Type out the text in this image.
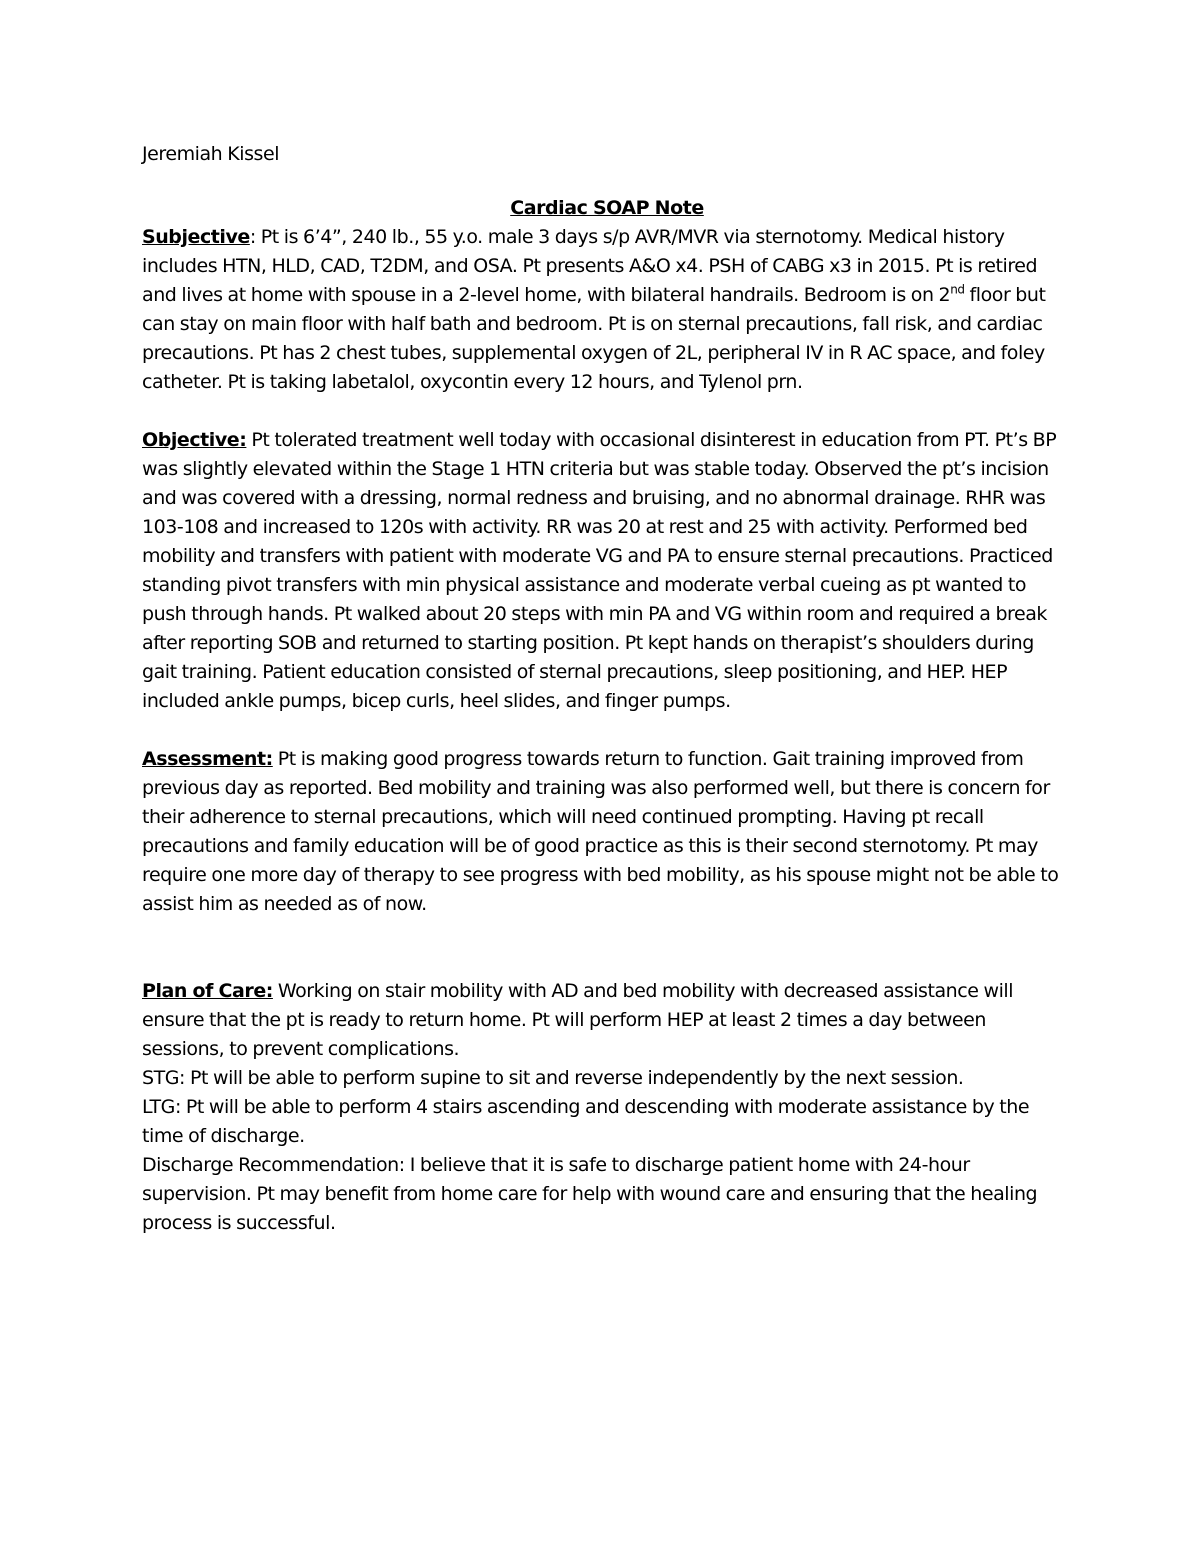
Jeremiah Kissel

Cardiac SOAP Note

Subjective: Pt is 6’4”, 240 lb., 55 y.o. male 3 days s/p AVR/MVR via sternotomy. Medical history includes HTN, HLD, CAD, T2DM, and OSA. Pt presents A&O x4. PSH of CABG x3 in 2015. Pt is retired and lives at home with spouse in a 2-level home, with bilateral handrails. Bedroom is on 2nd floor but can stay on main floor with half bath and bedroom. Pt is on sternal precautions, fall risk, and cardiac precautions. Pt has 2 chest tubes, supplemental oxygen of 2L, peripheral IV in R AC space, and foley catheter. Pt is taking labetalol, oxycontin every 12 hours, and Tylenol prn.

Objective: Pt tolerated treatment well today with occasional disinterest in education from PT. Pt’s BP was slightly elevated within the Stage 1 HTN criteria but was stable today. Observed the pt’s incision and was covered with a dressing, normal redness and bruising, and no abnormal drainage. RHR was 103-108 and increased to 120s with activity. RR was 20 at rest and 25 with activity. Performed bed mobility and transfers with patient with moderate VG and PA to ensure sternal precautions. Practiced standing pivot transfers with min physical assistance and moderate verbal cueing as pt wanted to push through hands. Pt walked about 20 steps with min PA and VG within room and required a break after reporting SOB and returned to starting position. Pt kept hands on therapist’s shoulders during gait training. Patient education consisted of sternal precautions, sleep positioning, and HEP. HEP included ankle pumps, bicep curls, heel slides, and finger pumps.

Assessment: Pt is making good progress towards return to function. Gait training improved from previous day as reported. Bed mobility and training was also performed well, but there is concern for their adherence to sternal precautions, which will need continued prompting. Having pt recall precautions and family education will be of good practice as this is their second sternotomy. Pt may require one more day of therapy to see progress with bed mobility, as his spouse might not be able to assist him as needed as of now.

Plan of Care: Working on stair mobility with AD and bed mobility with decreased assistance will ensure that the pt is ready to return home. Pt will perform HEP at least 2 times a day between sessions, to prevent complications.

STG: Pt will be able to perform supine to sit and reverse independently by the next session.

LTG: Pt will be able to perform 4 stairs ascending and descending with moderate assistance by the time of discharge.

Discharge Recommendation: I believe that it is safe to discharge patient home with 24-hour supervision. Pt may benefit from home care for help with wound care and ensuring that the healing process is successful.
